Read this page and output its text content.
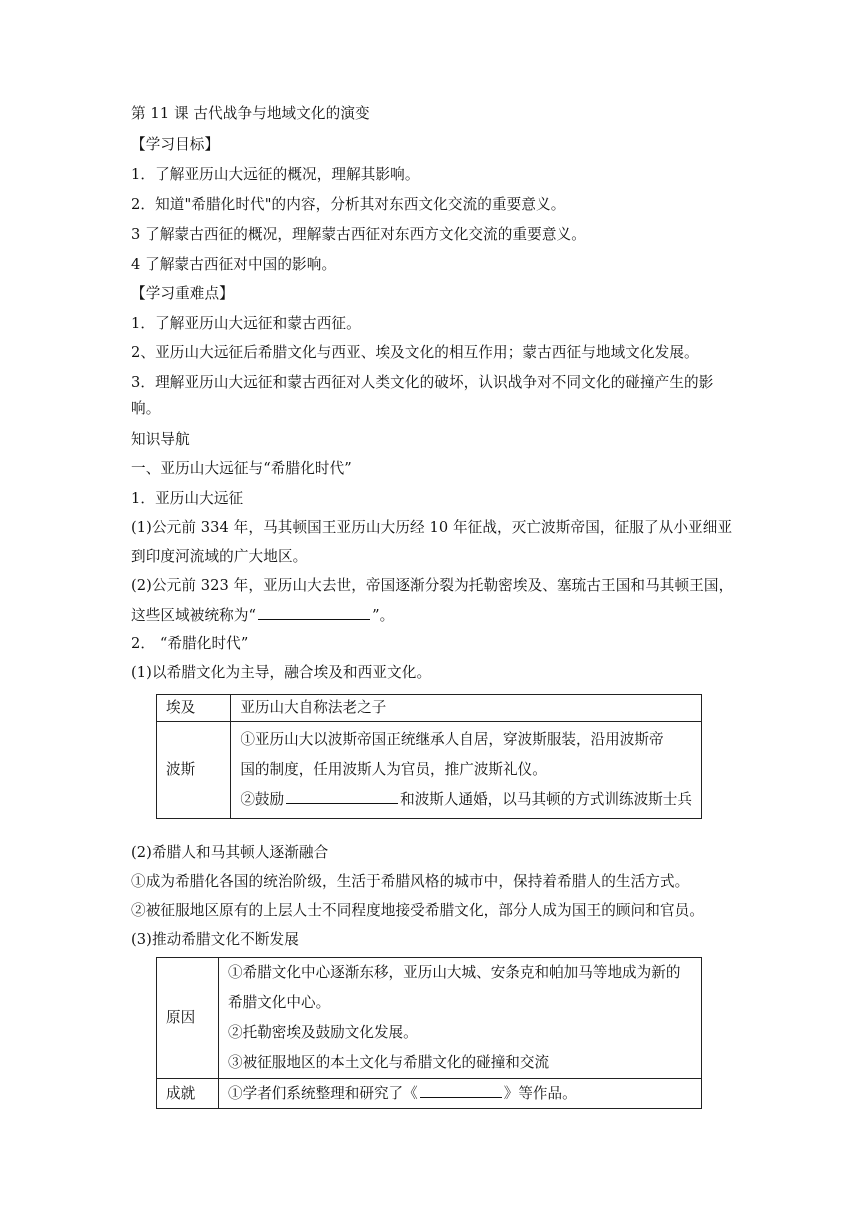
第 11 课 古代战争与地域文化的演变
【学习目标】
1．了解亚历山大远征的概况，理解其影响。
2．知道"希腊化时代"的内容，分析其对东西文化交流的重要意义。
3 了解蒙古西征的概况，理解蒙古西征对东西方文化交流的重要意义。
4 了解蒙古西征对中国的影响。
【学习重难点】
1．了解亚历山大远征和蒙古西征。
2、亚历山大远征后希腊文化与西亚、埃及文化的相互作用；蒙古西征与地域文化发展。
3．理解亚历山大远征和蒙古西征对人类文化的破坏，认识战争对不同文化的碰撞产生的影
响。
知识导航
一、亚历山大远征与“希腊化时代”
1．亚历山大远征
(1)公元前 334 年，马其顿国王亚历山大历经 10 年征战，灭亡波斯帝国，征服了从小亚细亚
到印度河流域的广大地区。
(2)公元前 323 年，亚历山大去世，帝国逐渐分裂为托勒密埃及、塞琉古王国和马其顿王国，
这些区域被统称为“	”。
2． “希腊化时代”
(1)以希腊文化为主导，融合埃及和西亚文化。
埃及	亚历山大自称法老之子
波斯	①亚历山大以波斯帝国正统继承人自居，穿波斯服装，沿用波斯帝
国的制度，任用波斯人为官员，推广波斯礼仪。
②鼓励 和波斯人通婚，以马其顿的方式训练波斯士兵
(2)希腊人和马其顿人逐渐融合
①成为希腊化各国的统治阶级，生活于希腊风格的城市中，保持着希腊人的生活方式。
②被征服地区原有的上层人士不同程度地接受希腊文化，部分人成为国王的顾问和官员。
(3)推动希腊文化不断发展
原因	①希腊文化中心逐渐东移，亚历山大城、安条克和帕加马等地成为新的
希腊文化中心。
②托勒密埃及鼓励文化发展。
③被征服地区的本土文化与希腊文化的碰撞和交流

成就	①学者们系统整理和研究了《 》等作品。
